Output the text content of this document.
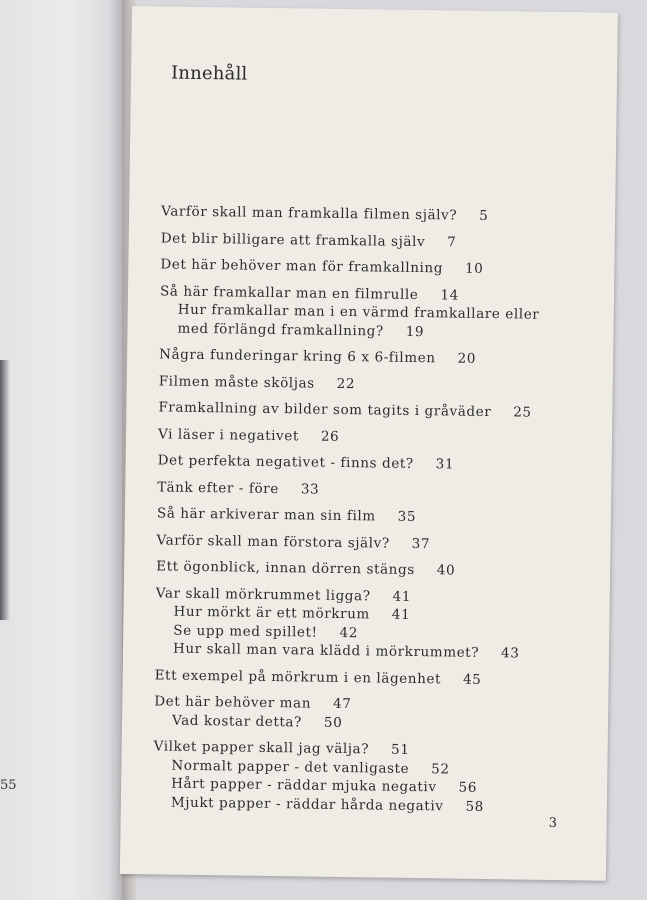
55
Innehåll
Varför skall man framkalla filmen själv? 5
Det blir billigare att framkalla själv 7
Det här behöver man för framkallning 10
Så här framkallar man en filmrulle 14
Hur framkallar man i en värmd framkallare eller
med förlängd framkallning? 19
Några funderingar kring 6 x 6-filmen 20
Filmen måste sköljas 22
Framkallning av bilder som tagits i gråväder 25
Vi läser i negativet 26
Det perfekta negativet - finns det? 31
Tänk efter - före 33
Så här arkiverar man sin film 35
Varför skall man förstora själv? 37
Ett ögonblick, innan dörren stängs 40
Var skall mörkrummet ligga? 41
Hur mörkt är ett mörkrum 41
Se upp med spillet! 42
Hur skall man vara klädd i mörkrummet? 43
Ett exempel på mörkrum i en lägenhet 45
Det här behöver man 47
Vad kostar detta? 50
Vilket papper skall jag välja? 51
Normalt papper - det vanligaste 52
Hårt papper - räddar mjuka negativ 56
Mjukt papper - räddar hårda negativ 58
3
